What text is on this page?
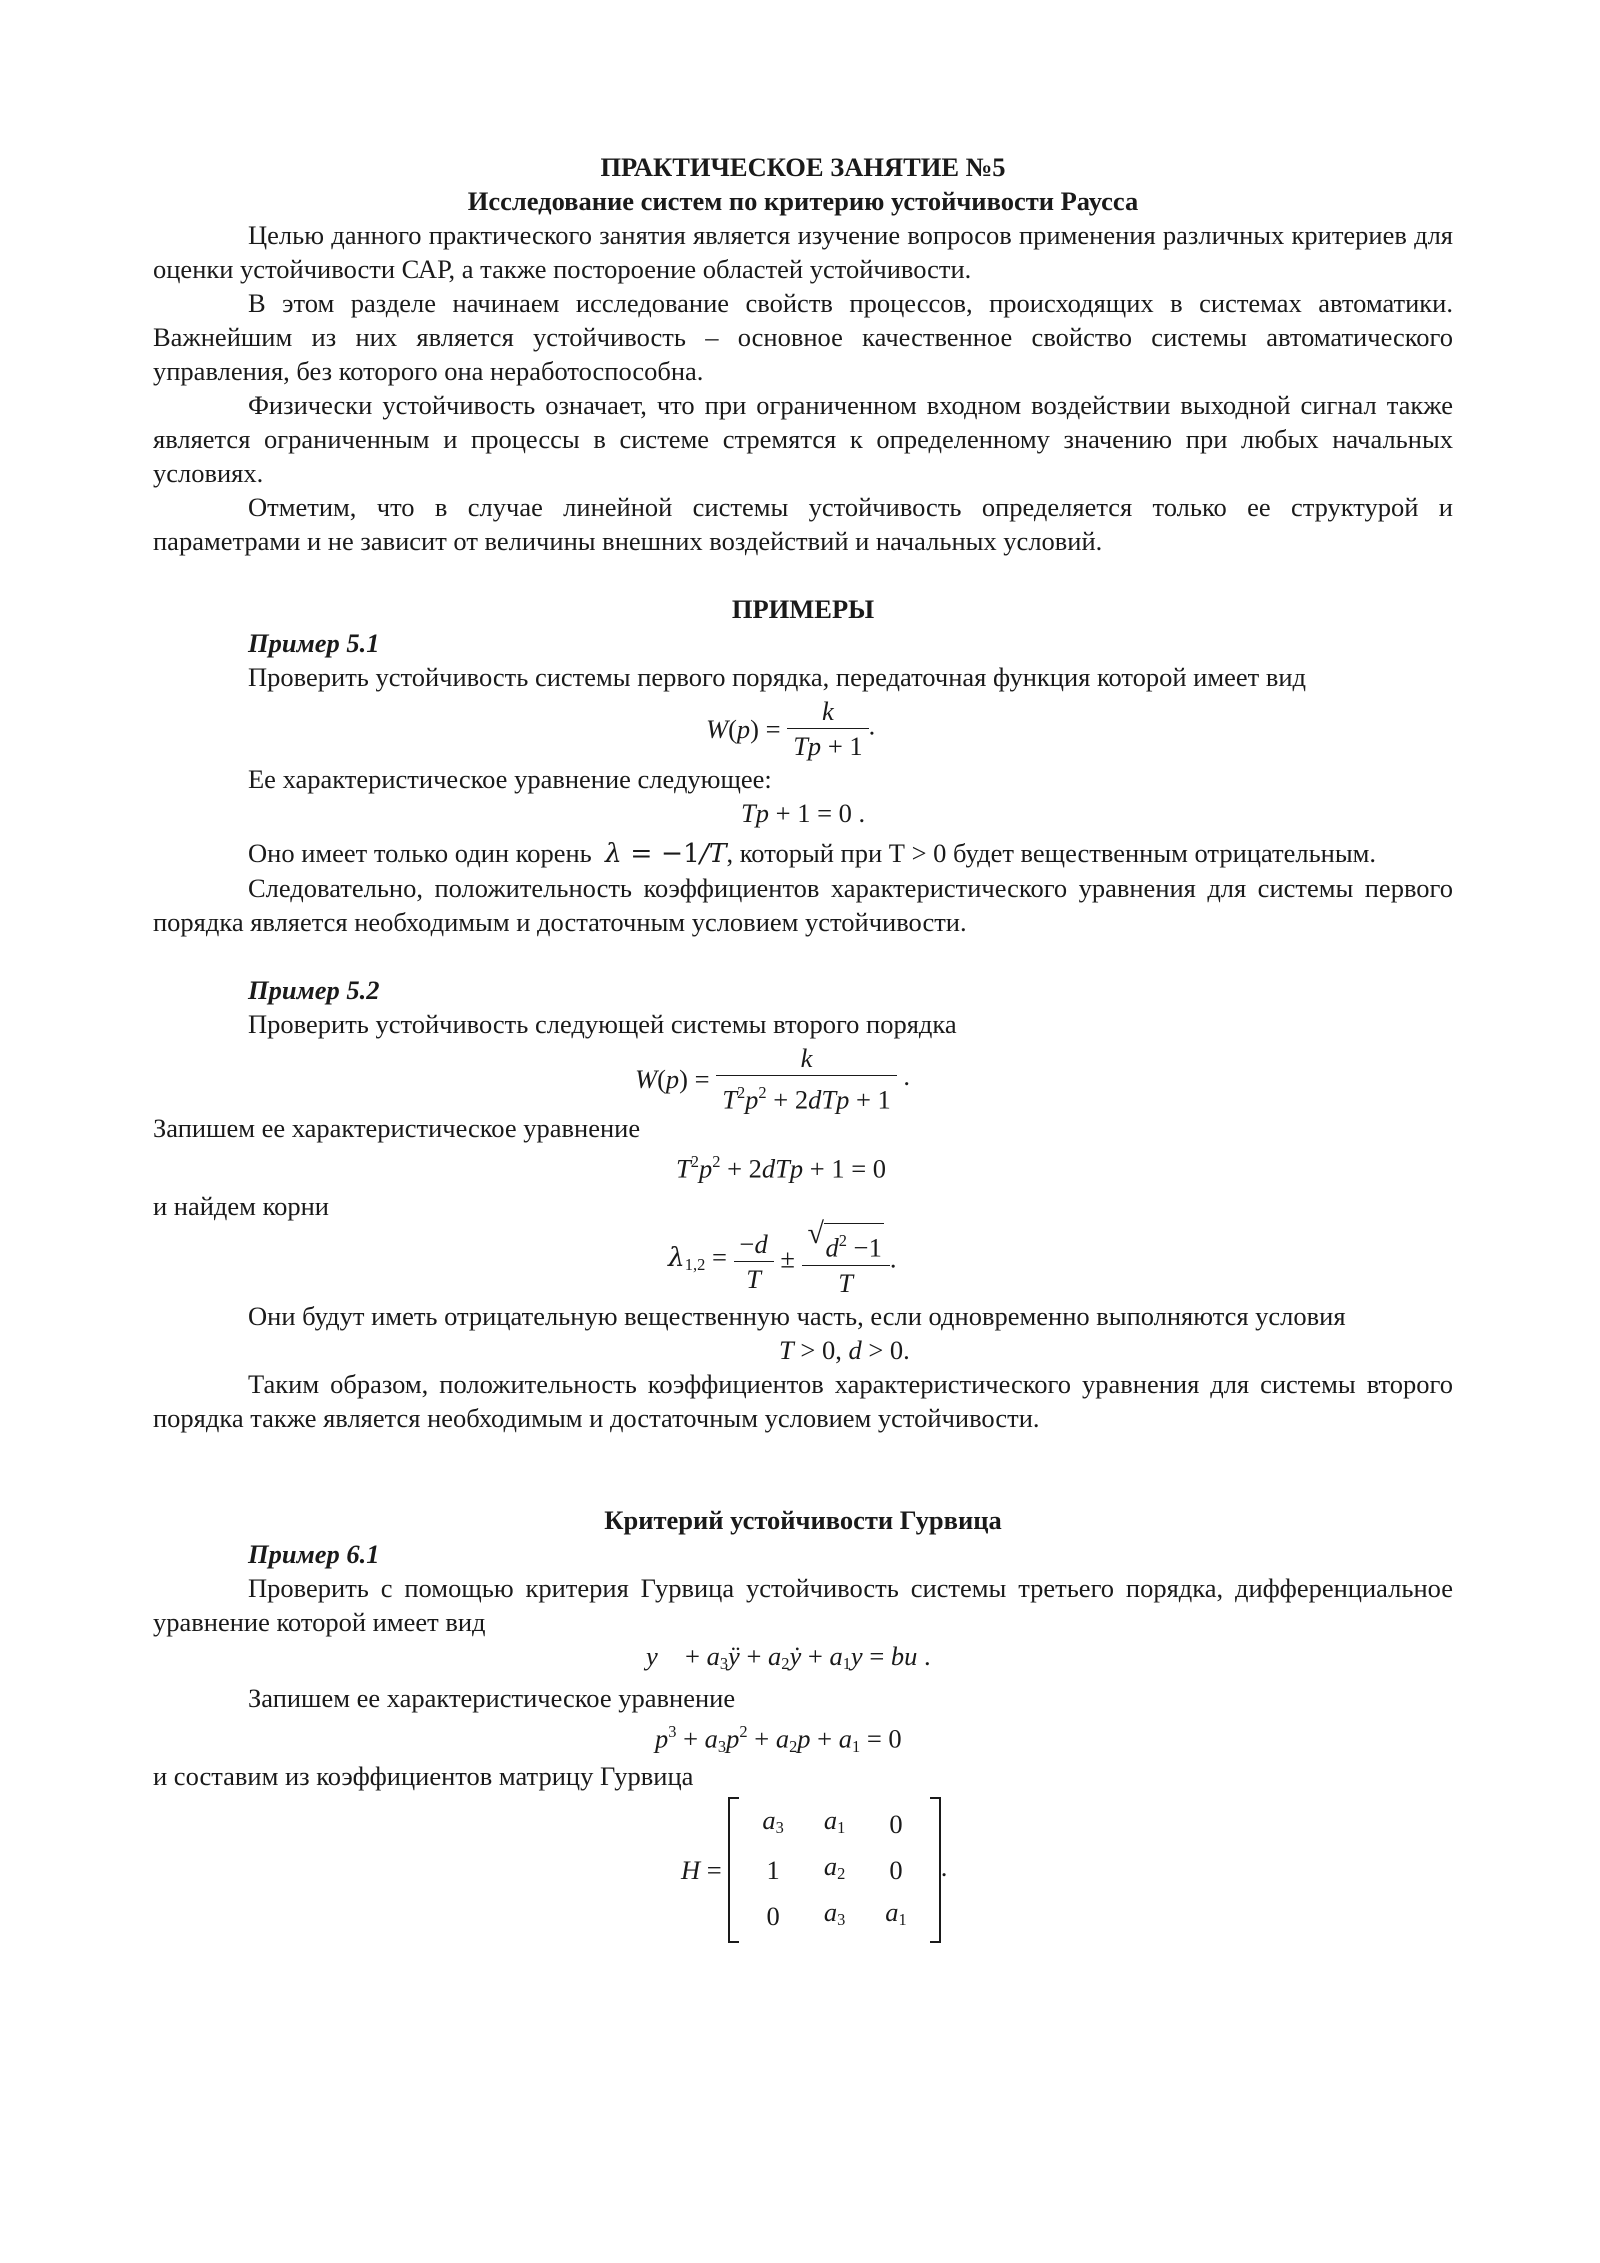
ПРАКТИЧЕСКОЕ ЗАНЯТИЕ №5

Исследование систем по критерию устойчивости Раусса

Целью данного практического занятия является изучение вопросов применения различных критериев для оценки устойчивости САР, а также постороение областей устойчивости.

В этом разделе начинаем исследование свойств процессов, происходящих в системах автоматики. Важнейшим из них является устойчивость – основное качественное свойство системы автоматического управления, без которого она неработоспособна.

Физически устойчивость означает, что при ограниченном входном воздействии выходной сигнал также является ограниченным и процессы в системе стремятся к определенному значению при любых начальных условиях.

Отметим, что в случае линейной системы устойчивость определяется только ее структурой и параметрами и не зависит от величины внешних воздействий и начальных условий.

ПРИМЕРЫ

Пример 5.1

Проверить устойчивость системы первого порядка, передаточная функция которой имеет вид

$W(p) = \frac{k}{Tp + 1}$ .

Ее характеристическое уравнение следующее:

Tp + 1 = 0 .

Оно имеет только один корень λ = −1/T, который при Т > 0 будет вещественным отрицательным.

Следовательно, положительность коэффициентов характеристического уравнения для системы первого порядка является необходимым и достаточным условием устойчивости.

Пример 5.2

Проверить устойчивость следующей системы второго порядка

$W(p) = \frac{k}{T^2p^2 + 2dTp + 1}$ .

Запишем ее характеристическое уравнение

$T^2p^2 + 2dTp + 1 = 0$

и найдем корни

$\lambda_{1,2} = \frac{-d}{T} \pm \frac{√ d^2 -1}{T}$ .

Они будут иметь отрицательную вещественную часть, если одновременно выполняются условия

T > 0, d > 0.

Таким образом, положительность коэффициентов характеристического уравнения для системы второго порядка также является необходимым и достаточным условием устойчивости.

Критерий устойчивости Гурвица

Пример 6.1

Проверить с помощью критерия Гурвица устойчивость системы третьего порядка, дифференциальное уравнение которой имеет вид

y⃛ + $a_3ÿ$ + $a_2ẏ + a_1y$ = bu .

Запишем ее характеристическое уравнение

$p^3 + a_3p^2 + a_2p + a_1 = 0$

и составим из коэффициентов матрицу Гурвица

H =
$a_3$	$a_1$	0
1	$a_2$	0
0	$a_3$	$a_1$
.
